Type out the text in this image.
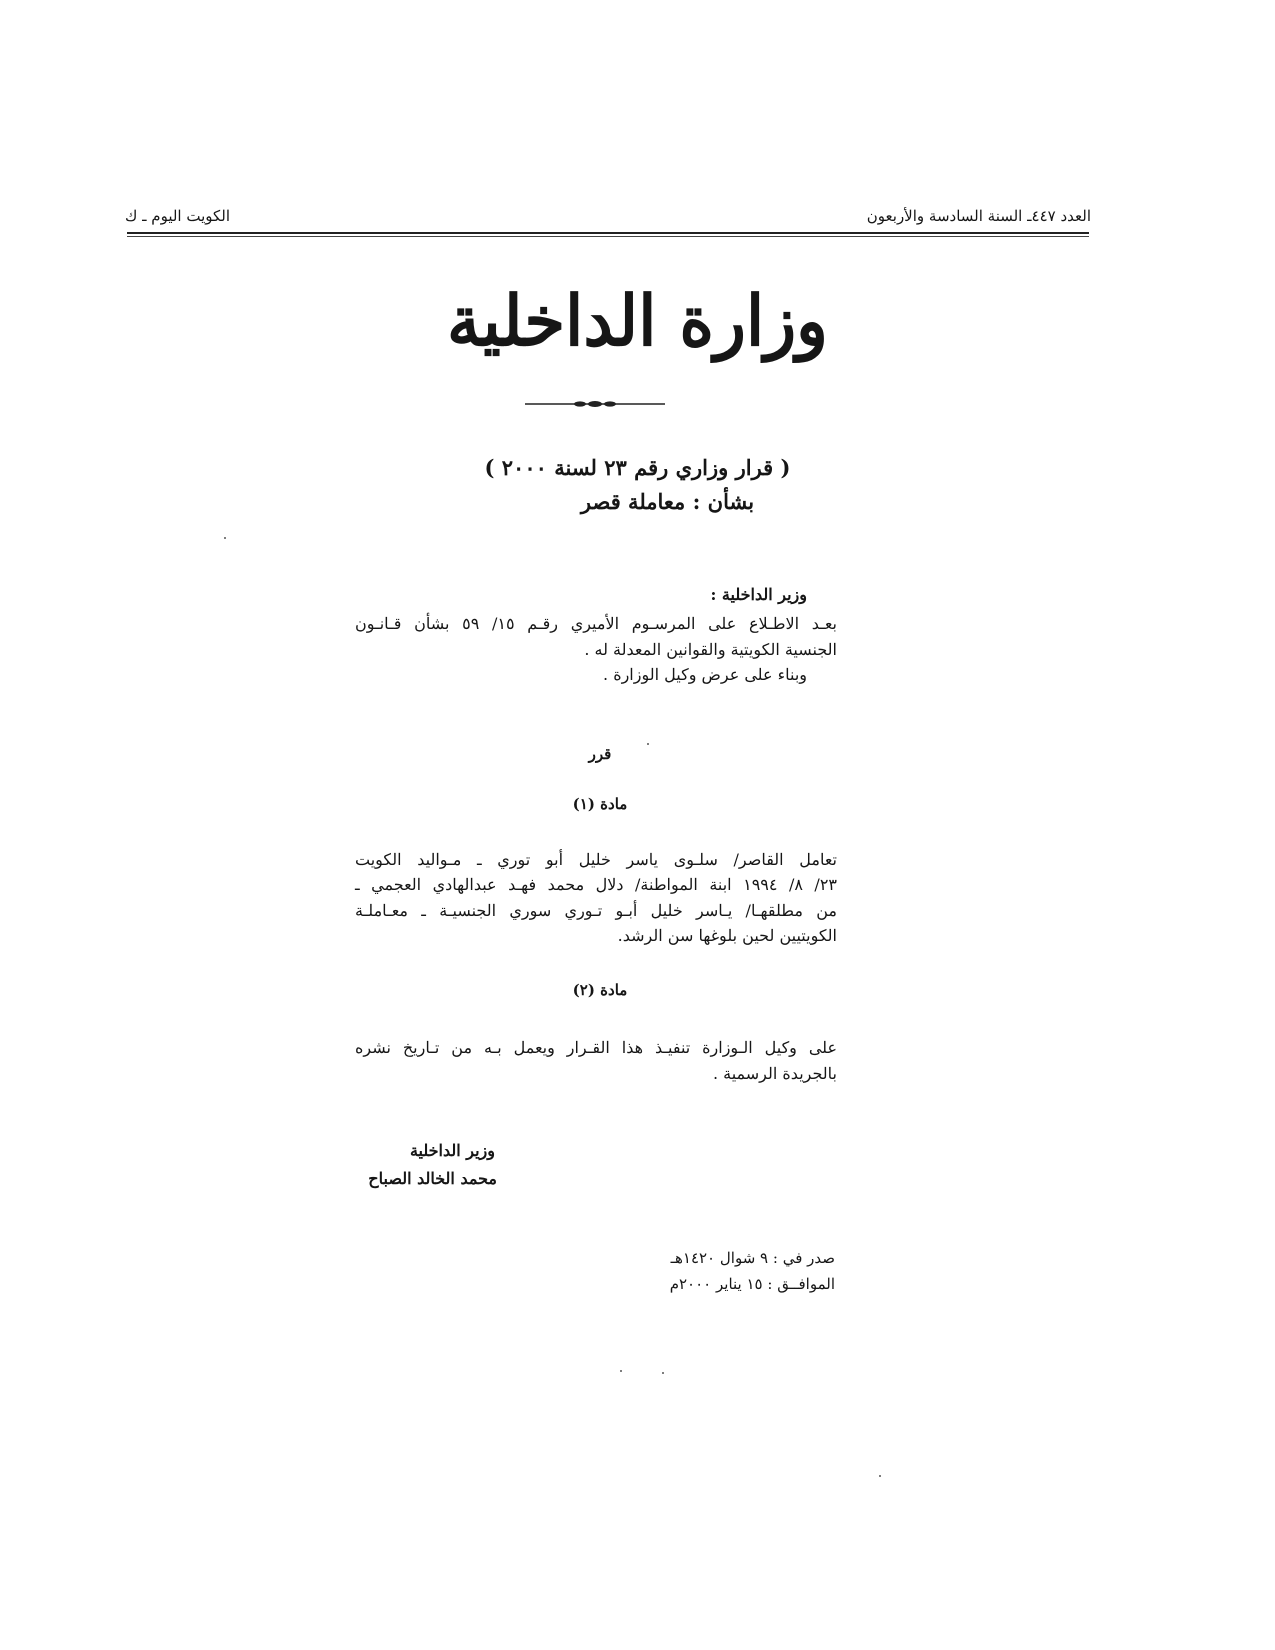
العدد ٤٤٧ـ السنة السادسة والأربعون
الكويت اليوم ـ ك
وزارة الداخلية
( قرار وزاري رقم ٢٣ لسنة ٢٠٠٠ )
بشأن : معاملة قصر
وزير الداخلية :
بعـد الاطـلاع على المرسـوم الأميري رقـم ١٥/ ٥٩ بشأن قـانـون
الجنسية الكويتية والقوانين المعدلة له .
وبناء على عرض وكيل الوزارة .
قرر
مادة (١)
تعامل القاصر/ سلـوى ياسر خليل أبو توري ـ مـواليد الكويت
٢٣/ ٨/ ١٩٩٤ ابنة المواطنة/ دلال محمد فهـد عبدالهادي العجمي ـ
من مطلقهـا/ يـاسر خليل أبـو تـوري سوري الجنسيـة ـ معـاملـة
الكويتيين لحين بلوغها سن الرشد.
مادة (٢)
على وكيل الـوزارة تنفيـذ هذا القـرار ويعمل بـه من تـاريخ نشره
بالجريدة الرسمية .
وزير الداخلية
محمد الخالد الصباح
صدر في : ٩ شوال ١٤٢٠هـ
الموافــق : ١٥ يناير ٢٠٠٠م
